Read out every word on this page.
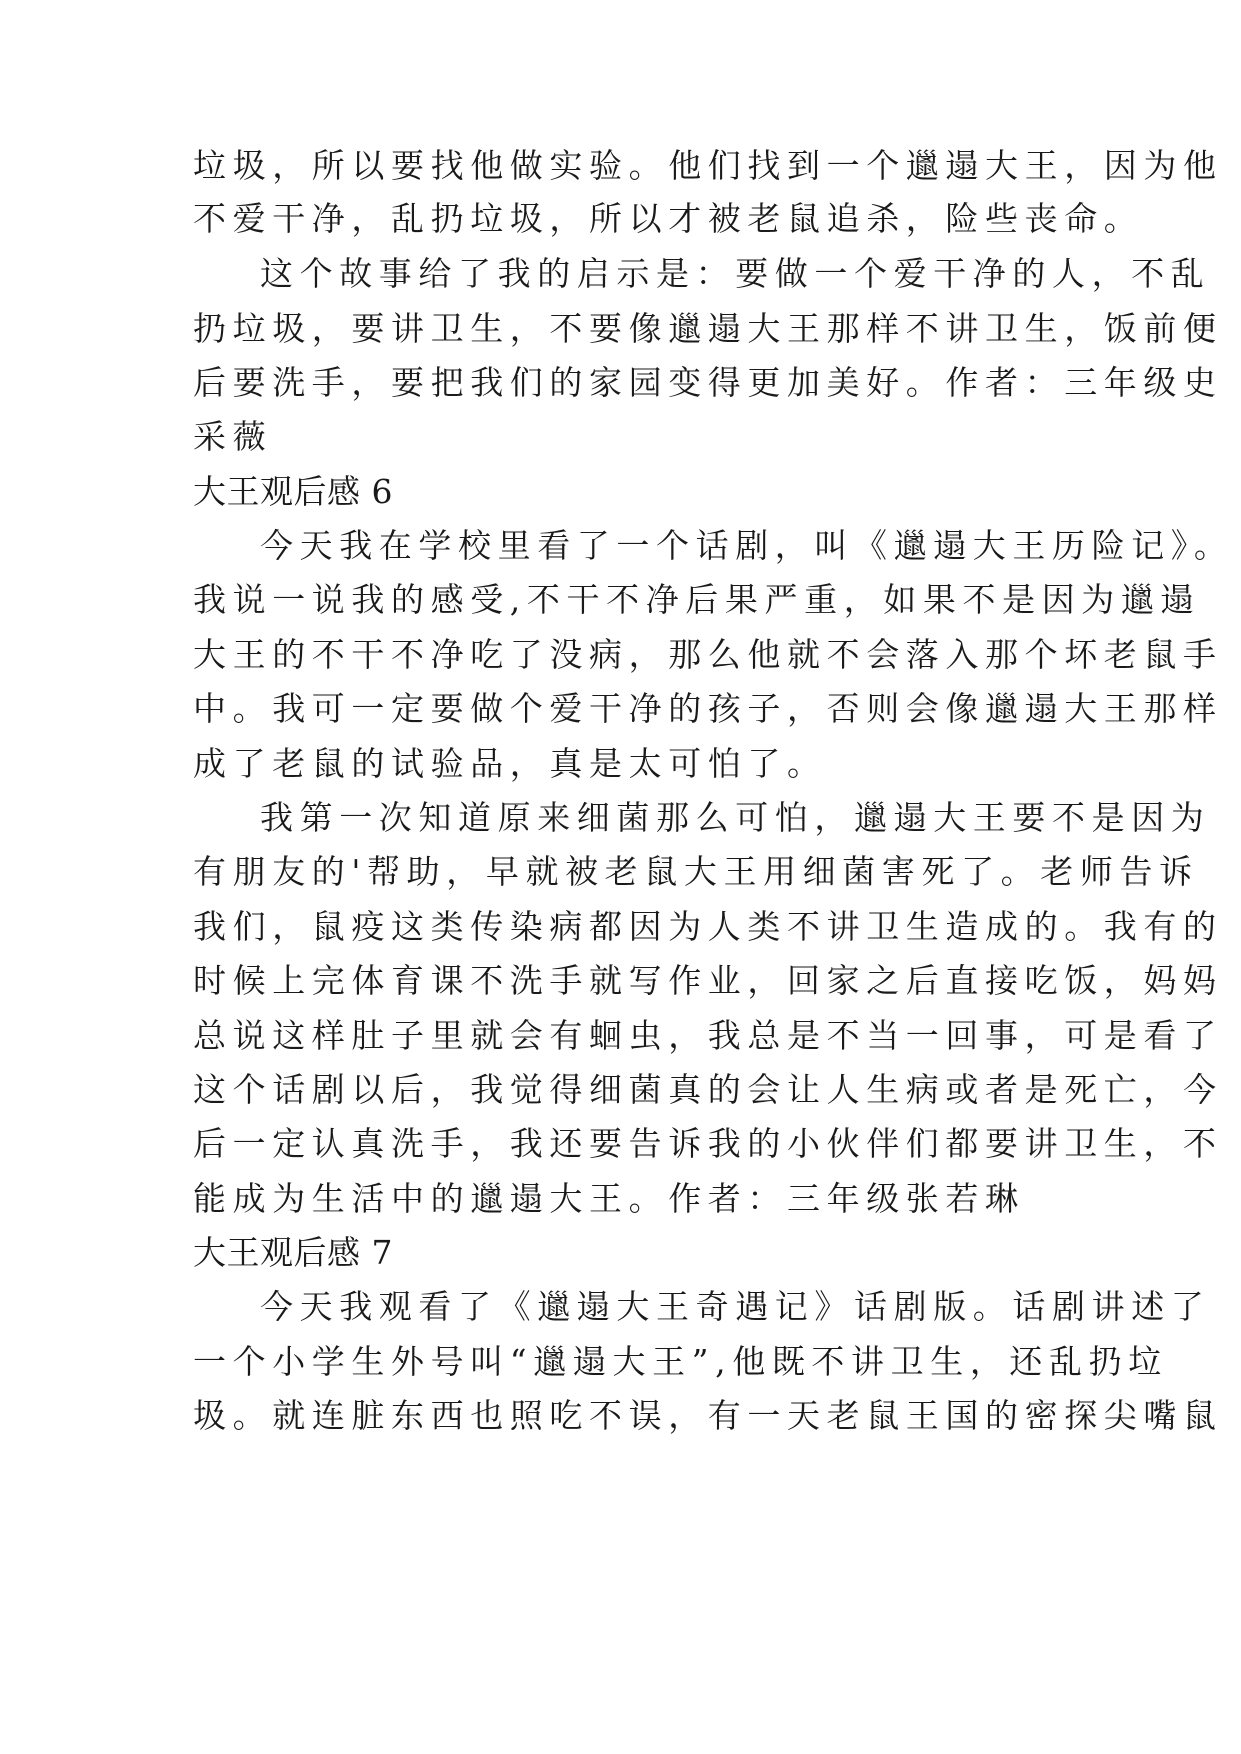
垃圾，所以要找他做实验。他们找到一个邋遢大王，因为他
不爱干净，乱扔垃圾，所以才被老鼠追杀，险些丧命。
这个故事给了我的启示是：要做一个爱干净的人，不乱
扔垃圾，要讲卫生，不要像邋遢大王那样不讲卫生，饭前便
后要洗手，要把我们的家园变得更加美好。作者：三年级史
采薇
大王观后感 6
今天我在学校里看了一个话剧，叫《邋遢大王历险记》。
我说一说我的感受,不干不净后果严重，如果不是因为邋遢
大王的不干不净吃了没病，那么他就不会落入那个坏老鼠手
中。我可一定要做个爱干净的孩子，否则会像邋遢大王那样
成了老鼠的试验品，真是太可怕了。
我第一次知道原来细菌那么可怕，邋遢大王要不是因为
有朋友的'帮助，早就被老鼠大王用细菌害死了。老师告诉
我们，鼠疫这类传染病都因为人类不讲卫生造成的。我有的
时候上完体育课不洗手就写作业，回家之后直接吃饭，妈妈
总说这样肚子里就会有蛔虫，我总是不当一回事，可是看了
这个话剧以后，我觉得细菌真的会让人生病或者是死亡，今
后一定认真洗手，我还要告诉我的小伙伴们都要讲卫生，不
能成为生活中的邋遢大王。作者：三年级张若琳
大王观后感 7
今天我观看了《邋遢大王奇遇记》话剧版。话剧讲述了
一个小学生外号叫“邋遢大王”,他既不讲卫生，还乱扔垃
圾。就连脏东西也照吃不误，有一天老鼠王国的密探尖嘴鼠
